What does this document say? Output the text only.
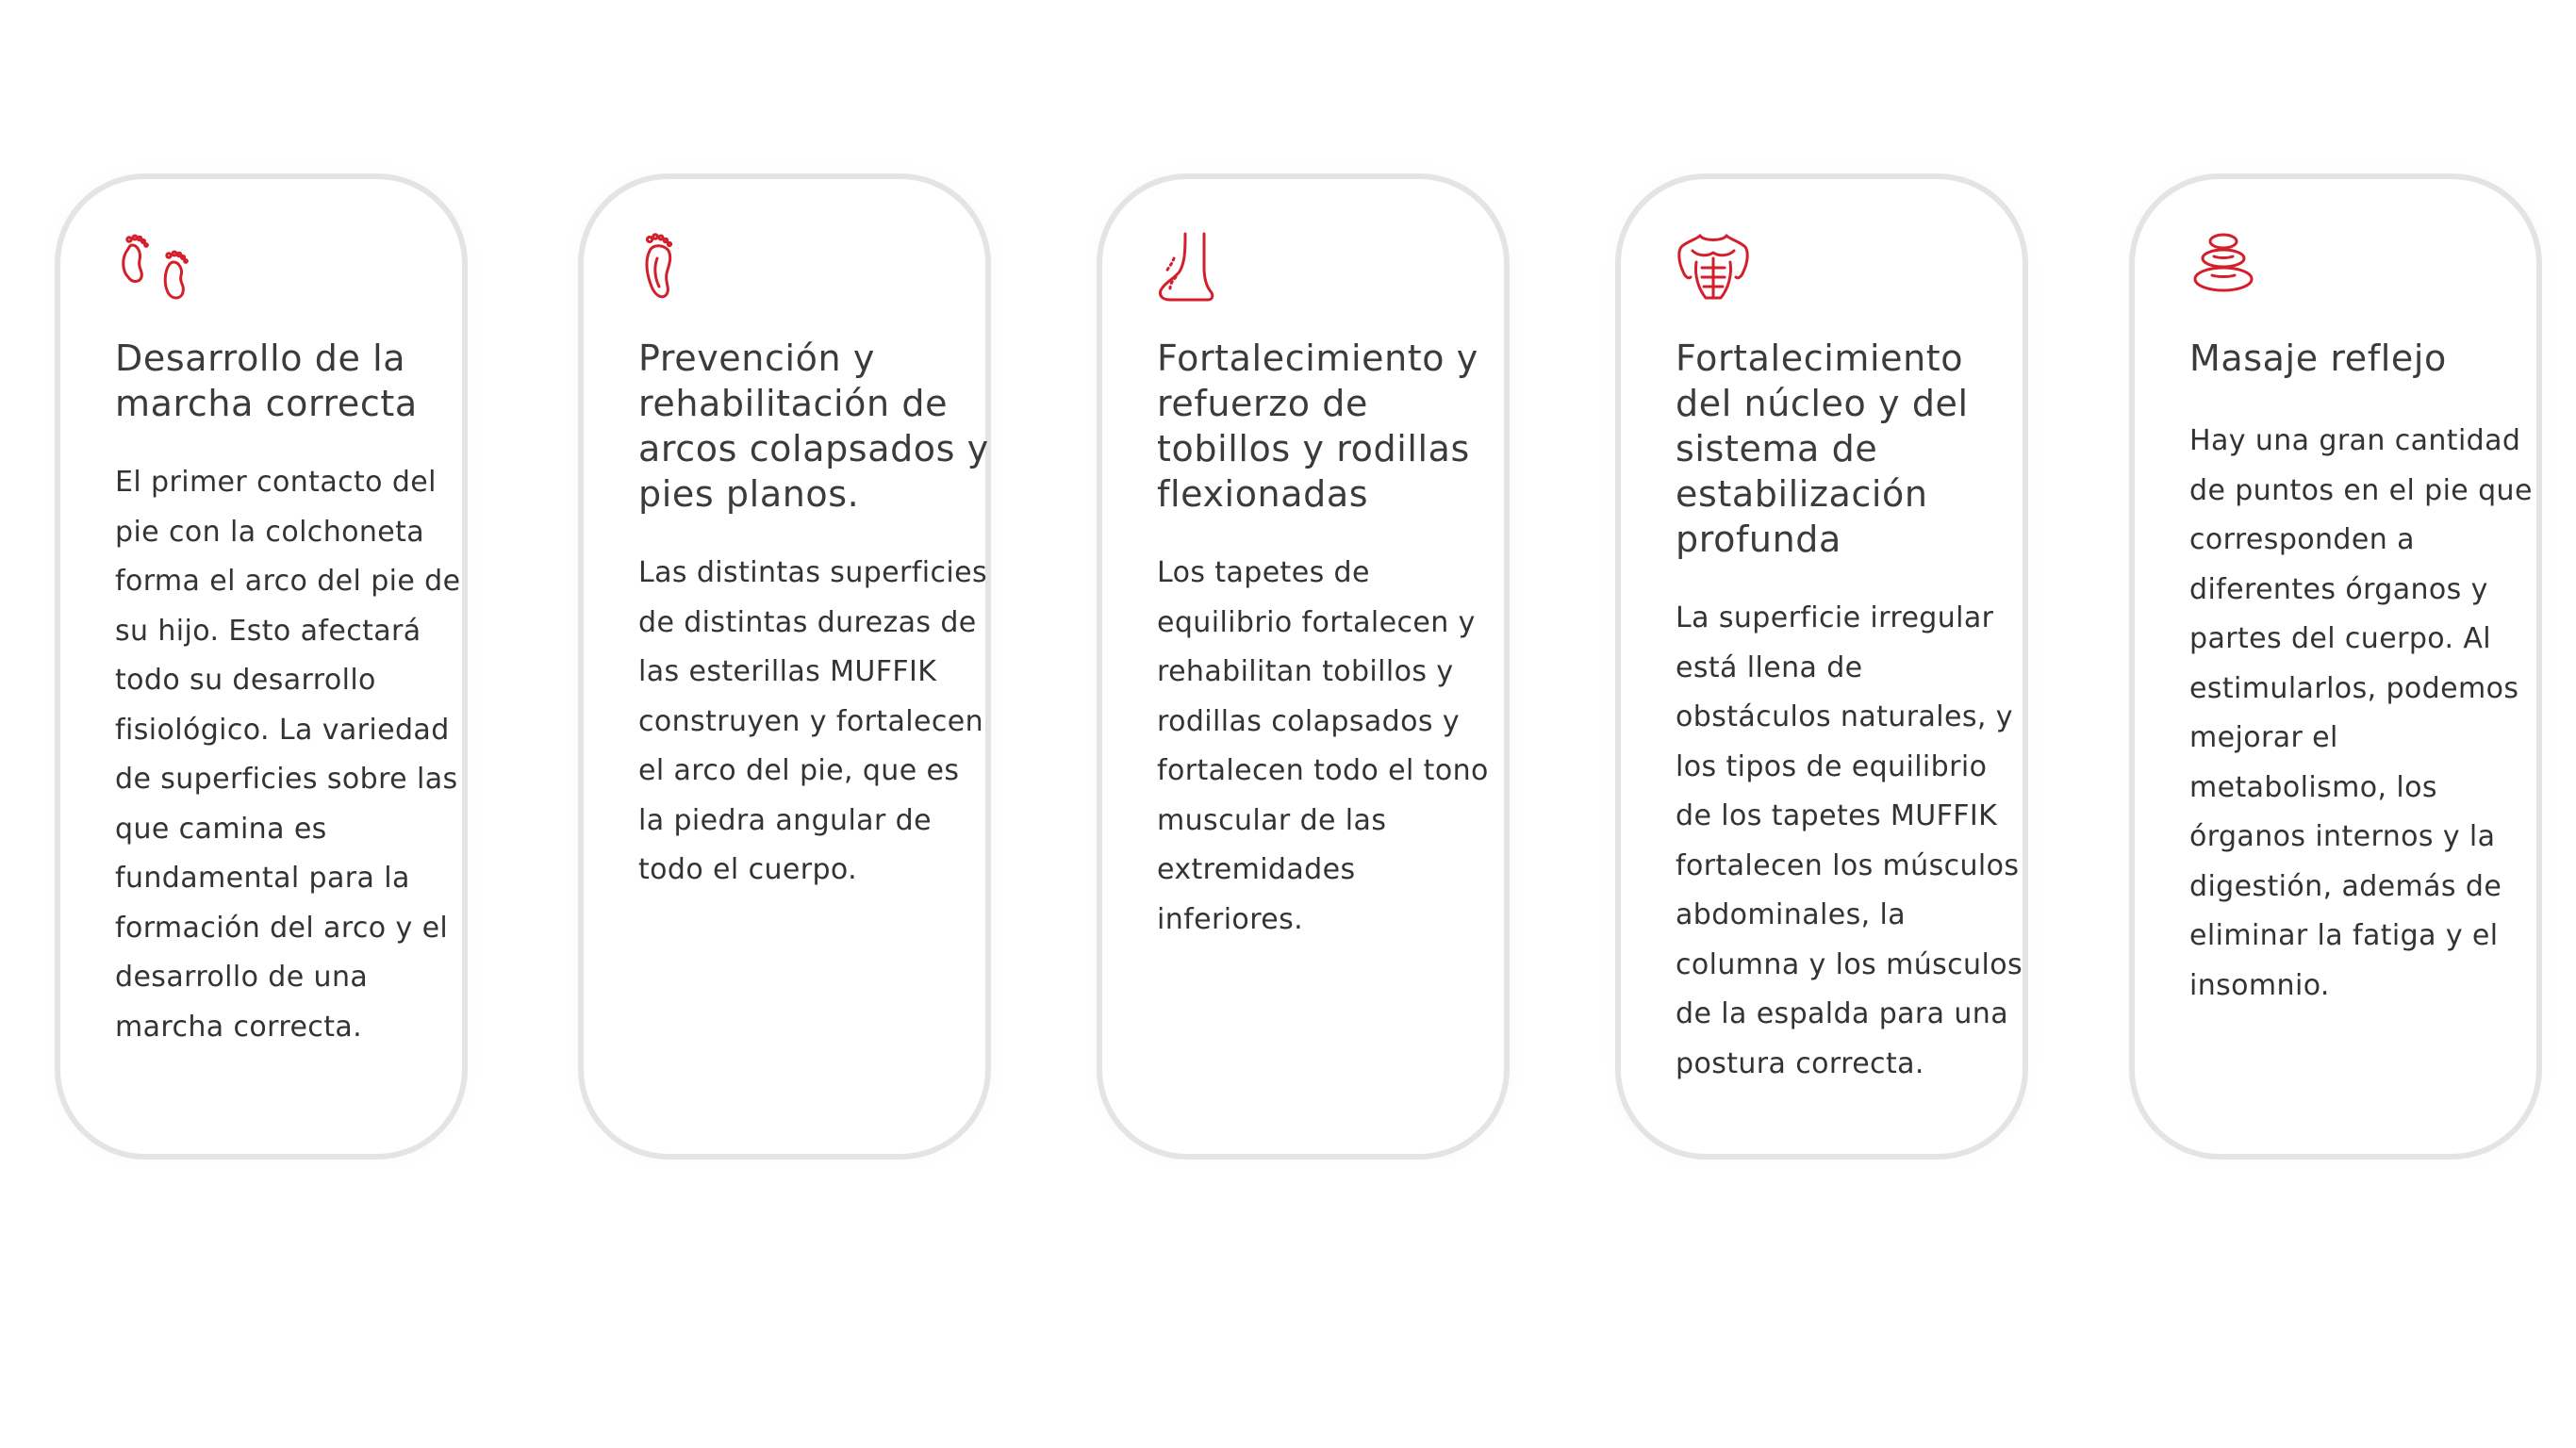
Desarrollo de la marcha correcta

El primer contacto del pie con la colchoneta forma el arco del pie de su hijo. Esto afectará todo su desarrollo fisiológico. La variedad de superficies sobre las que camina es fundamental para la formación del arco y el desarrollo de una marcha correcta.

Prevención y rehabilitación de arcos colapsados y pies planos.

Las distintas superficies de distintas durezas de las esterillas MUFFIK construyen y fortalecen el arco del pie, que es la piedra angular de todo el cuerpo.

Fortalecimiento y refuerzo de tobillos y rodillas flexionadas

Los tapetes de equilibrio fortalecen y rehabilitan tobillos y rodillas colapsados y fortalecen todo el tono muscular de las extremidades inferiores.

Fortalecimiento del núcleo y del sistema de estabilización profunda

La superficie irregular está llena de obstáculos naturales, y los tipos de equilibrio de los tapetes MUFFIK fortalecen los músculos abdominales, la columna y los músculos de la espalda para una postura correcta.

Masaje reflejo

Hay una gran cantidad de puntos en el pie que corresponden a diferentes órganos y partes del cuerpo. Al estimularlos, podemos mejorar el metabolismo, los órganos internos y la digestión, además de eliminar la fatiga y el insomnio.
